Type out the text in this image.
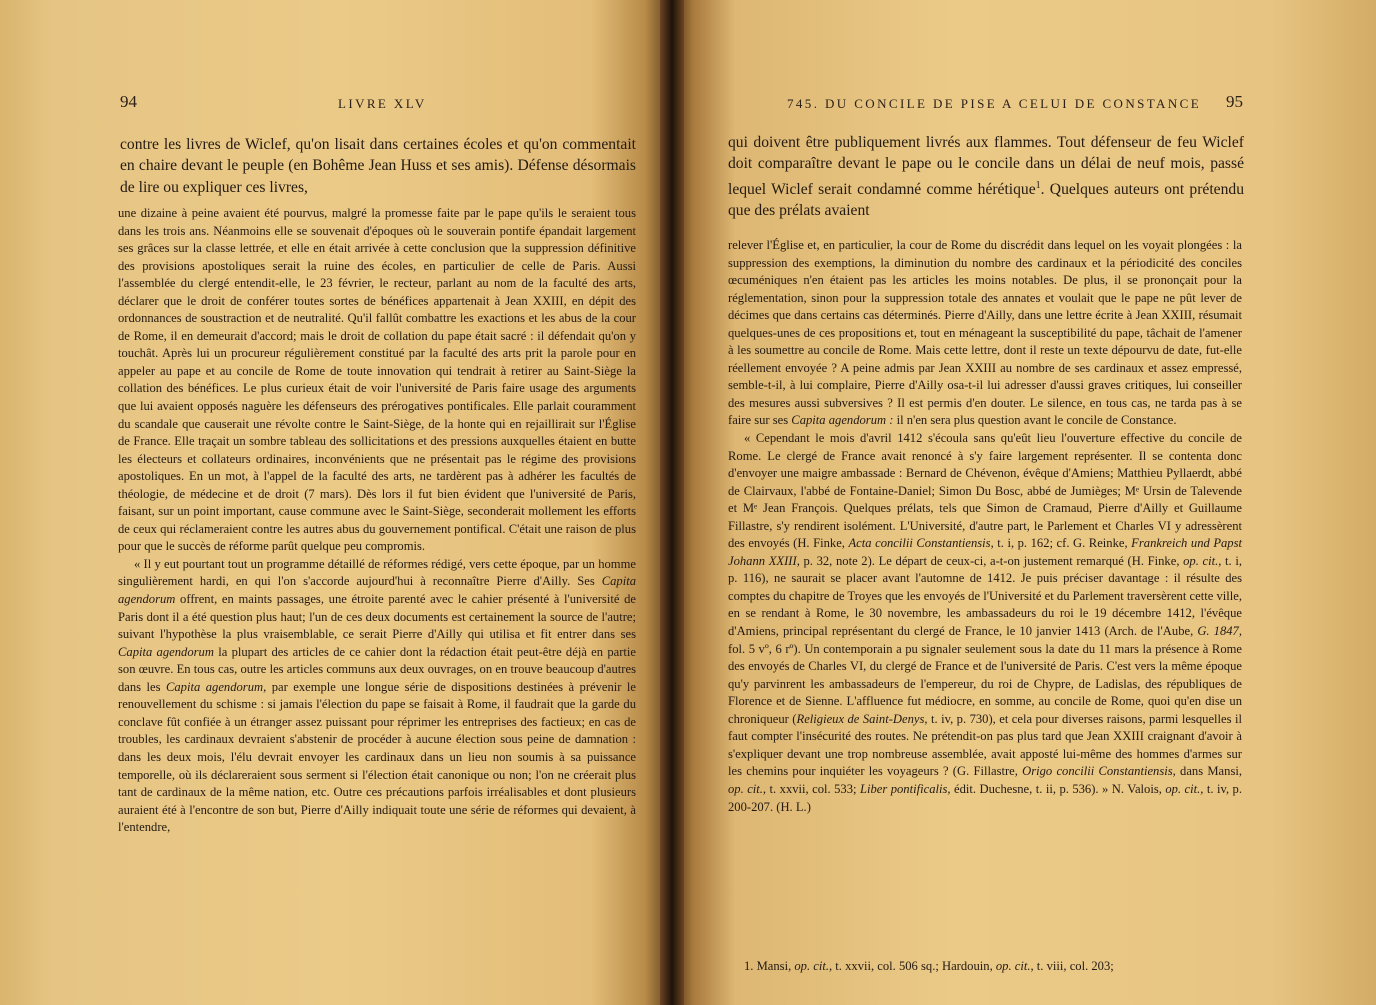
94	LIVRE XLV

contre les livres de Wiclef, qu'on lisait dans certaines écoles et qu'on commentait en chaire devant le peuple (en Bohême Jean Huss et ses amis). Défense désormais de lire ou expliquer ces livres,

une dizaine à peine avaient été pourvus, malgré la promesse faite par le pape qu'ils le seraient tous dans les trois ans. Néanmoins elle se souvenait d'époques où le souverain pontife épandait largement ses grâces sur la classe lettrée, et elle en était arrivée à cette conclusion que la suppression définitive des provisions apostoliques serait la ruine des écoles, en particulier de celle de Paris. Aussi l'assemblée du clergé entendit-elle, le 23 février, le recteur, parlant au nom de la faculté des arts, déclarer que le droit de conférer toutes sortes de bénéfices appartenait à Jean XXIII, en dépit des ordonnances de soustraction et de neutralité. Qu'il fallût combattre les exactions et les abus de la cour de Rome, il en demeurait d'accord; mais le droit de collation du pape était sacré : il défendait qu'on y touchât. Après lui un procureur régulièrement constitué par la faculté des arts prit la parole pour en appeler au pape et au concile de Rome de toute innovation qui tendrait à retirer au Saint-Siège la collation des bénéfices. Le plus curieux était de voir l'université de Paris faire usage des arguments que lui avaient opposés naguère les défenseurs des prérogatives pontificales. Elle parlait couramment du scandale que causerait une révolte contre le Saint-Siège, de la honte qui en rejaillirait sur l'Église de France. Elle traçait un sombre tableau des sollicitations et des pressions auxquelles étaient en butte les électeurs et collateurs ordinaires, inconvénients que ne présentait pas le régime des provisions apostoliques. En un mot, à l'appel de la faculté des arts, ne tardèrent pas à adhérer les facultés de théologie, de médecine et de droit (7 mars). Dès lors il fut bien évident que l'université de Paris, faisant, sur un point important, cause commune avec le Saint-Siège, seconderait mollement les efforts de ceux qui réclameraient contre les autres abus du gouvernement pontifical. C'était une raison de plus pour que le succès de réforme parût quelque peu compromis.

« Il y eut pourtant tout un programme détaillé de réformes rédigé, vers cette époque, par un homme singulièrement hardi, en qui l'on s'accorde aujourd'hui à reconnaître Pierre d'Ailly. Ses Capita agendorum offrent, en maints passages, une étroite parenté avec le cahier présenté à l'université de Paris dont il a été question plus haut; l'un de ces deux documents est certainement la source de l'autre; suivant l'hypothèse la plus vraisemblable, ce serait Pierre d'Ailly qui utilisa et fit entrer dans ses Capita agendorum la plupart des articles de ce cahier dont la rédaction était peut-être déjà en partie son œuvre. En tous cas, outre les articles communs aux deux ouvrages, on en trouve beaucoup d'autres dans les Capita agendorum, par exemple une longue série de dispositions destinées à prévenir le renouvellement du schisme : si jamais l'élection du pape se faisait à Rome, il faudrait que la garde du conclave fût confiée à un étranger assez puissant pour réprimer les entreprises des factieux; en cas de troubles, les cardinaux devraient s'abstenir de procéder à aucune élection sous peine de damnation : dans les deux mois, l'élu devrait envoyer les cardinaux dans un lieu non soumis à sa puissance temporelle, où ils déclareraient sous serment si l'élection était canonique ou non; l'on ne créerait plus tant de cardinaux de la même nation, etc. Outre ces précautions parfois irréalisables et dont plusieurs auraient été à l'encontre de son but, Pierre d'Ailly indiquait toute une série de réformes qui devaient, à l'entendre,

745. DU CONCILE DE PISE A CELUI DE CONSTANCE 95

qui doivent être publiquement livrés aux flammes. Tout défenseur de feu Wiclef doit comparaître devant le pape ou le concile dans un délai de neuf mois, passé lequel Wiclef serait condamné comme hérétique$^1$. Quelques auteurs ont prétendu que des prélats avaient

relever l'Église et, en particulier, la cour de Rome du discrédit dans lequel on les voyait plongées : la suppression des exemptions, la diminution du nombre des cardinaux et la périodicité des conciles œcuméniques n'en étaient pas les articles les moins notables. De plus, il se prononçait pour la réglementation, sinon pour la suppression totale des annates et voulait que le pape ne pût lever de décimes que dans certains cas déterminés. Pierre d'Ailly, dans une lettre écrite à Jean XXIII, résumait quelques-unes de ces propositions et, tout en ménageant la susceptibilité du pape, tâchait de l'amener à les soumettre au concile de Rome. Mais cette lettre, dont il reste un texte dépourvu de date, fut-elle réellement envoyée ? A peine admis par Jean XXIII au nombre de ses cardinaux et assez empressé, semble-t-il, à lui complaire, Pierre d'Ailly osa-t-il lui adresser d'aussi graves critiques, lui conseiller des mesures aussi subversives ? Il est permis d'en douter. Le silence, en tous cas, ne tarda pas à se faire sur ses Capita agendorum : il n'en sera plus question avant le concile de Constance.

« Cependant le mois d'avril 1412 s'écoula sans qu'eût lieu l'ouverture effective du concile de Rome. Le clergé de France avait renoncé à s'y faire largement représenter. Il se contenta donc d'envoyer une maigre ambassade : Bernard de Chévenon, évêque d'Amiens; Matthieu Pyllaerdt, abbé de Clairvaux, l'abbé de Fontaine-Daniel; Simon Du Bosc, abbé de Jumièges; Mᵉ Ursin de Talevende et Mᵉ Jean François. Quelques prélats, tels que Simon de Cramaud, Pierre d'Ailly et Guillaume Fillastre, s'y rendirent isolément. L'Université, d'autre part, le Parlement et Charles VI y adressèrent des envoyés (H. Finke, Acta concilii Constantiensis, t. i, p. 162; cf. G. Reinke, Frankreich und Papst Johann XXIII, p. 32, note 2). Le départ de ceux-ci, a-t-on justement remarqué (H. Finke, op. cit., t. i, p. 116), ne saurait se placer avant l'automne de 1412. Je puis préciser davantage : il résulte des comptes du chapitre de Troyes que les envoyés de l'Université et du Parlement traversèrent cette ville, en se rendant à Rome, le 30 novembre, les ambassadeurs du roi le 19 décembre 1412, l'évêque d'Amiens, principal représentant du clergé de France, le 10 janvier 1413 (Arch. de l'Aube, G. 1847, fol. 5 vº, 6 rº). Un contemporain a pu signaler seulement sous la date du 11 mars la présence à Rome des envoyés de Charles VI, du clergé de France et de l'université de Paris. C'est vers la même époque qu'y parvinrent les ambassadeurs de l'empereur, du roi de Chypre, de Ladislas, des républiques de Florence et de Sienne. L'affluence fut médiocre, en somme, au concile de Rome, quoi qu'en dise un chroniqueur (Religieux de Saint-Denys, t. iv, p. 730), et cela pour diverses raisons, parmi lesquelles il faut compter l'insécurité des routes. Ne prétendit-on pas plus tard que Jean XXIII craignant d'avoir à s'expliquer devant une trop nombreuse assemblée, avait apposté lui-même des hommes d'armes sur les chemins pour inquiéter les voyageurs ? (G. Fillastre, Origo concilii Constantiensis, dans Mansi, op. cit., t. xxvii, col. 533; Liber pontificalis, édit. Duchesne, t. ii, p. 536). » N. Valois, op. cit., t. iv, p. 200-207. (H. L.)

1. Mansi, op. cit., t. xxvii, col. 506 sq.; Hardouin, op. cit., t. viii, col. 203;
